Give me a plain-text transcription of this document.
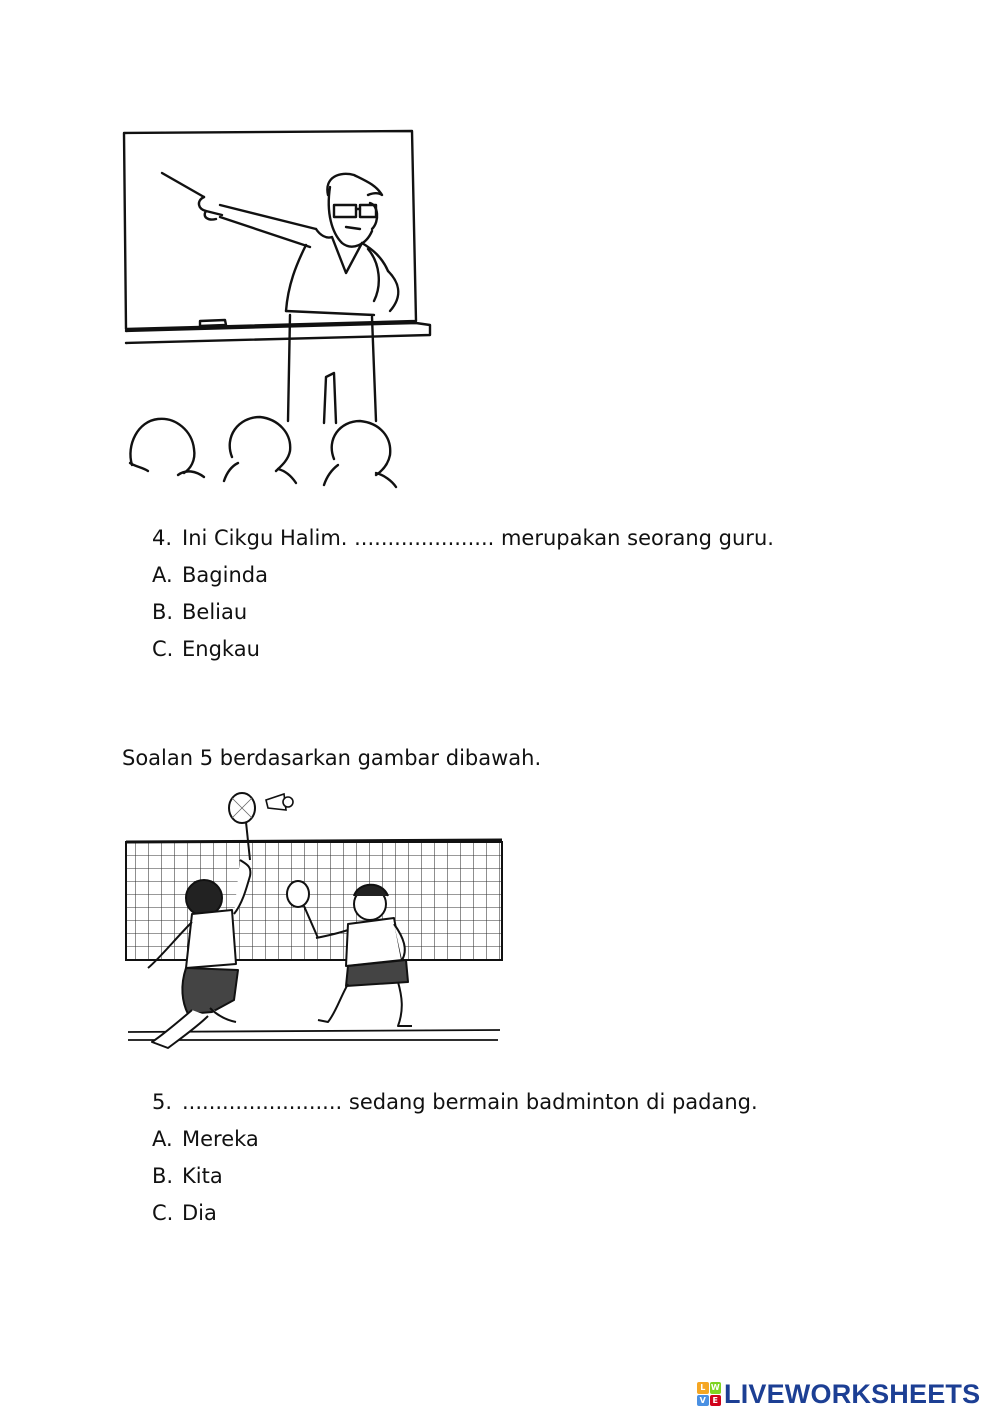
4. Ini Cikgu Halim. ..................... merupakan seorang guru.

A. Baginda

B. Beliau

C. Engkau

Soalan 5 berdasarkan gambar dibawah.

5. ........................ sedang bermain badminton di padang.

A. Mereka

B. Kita

C. Dia

L W
V E LIVEWORKSHEETS
